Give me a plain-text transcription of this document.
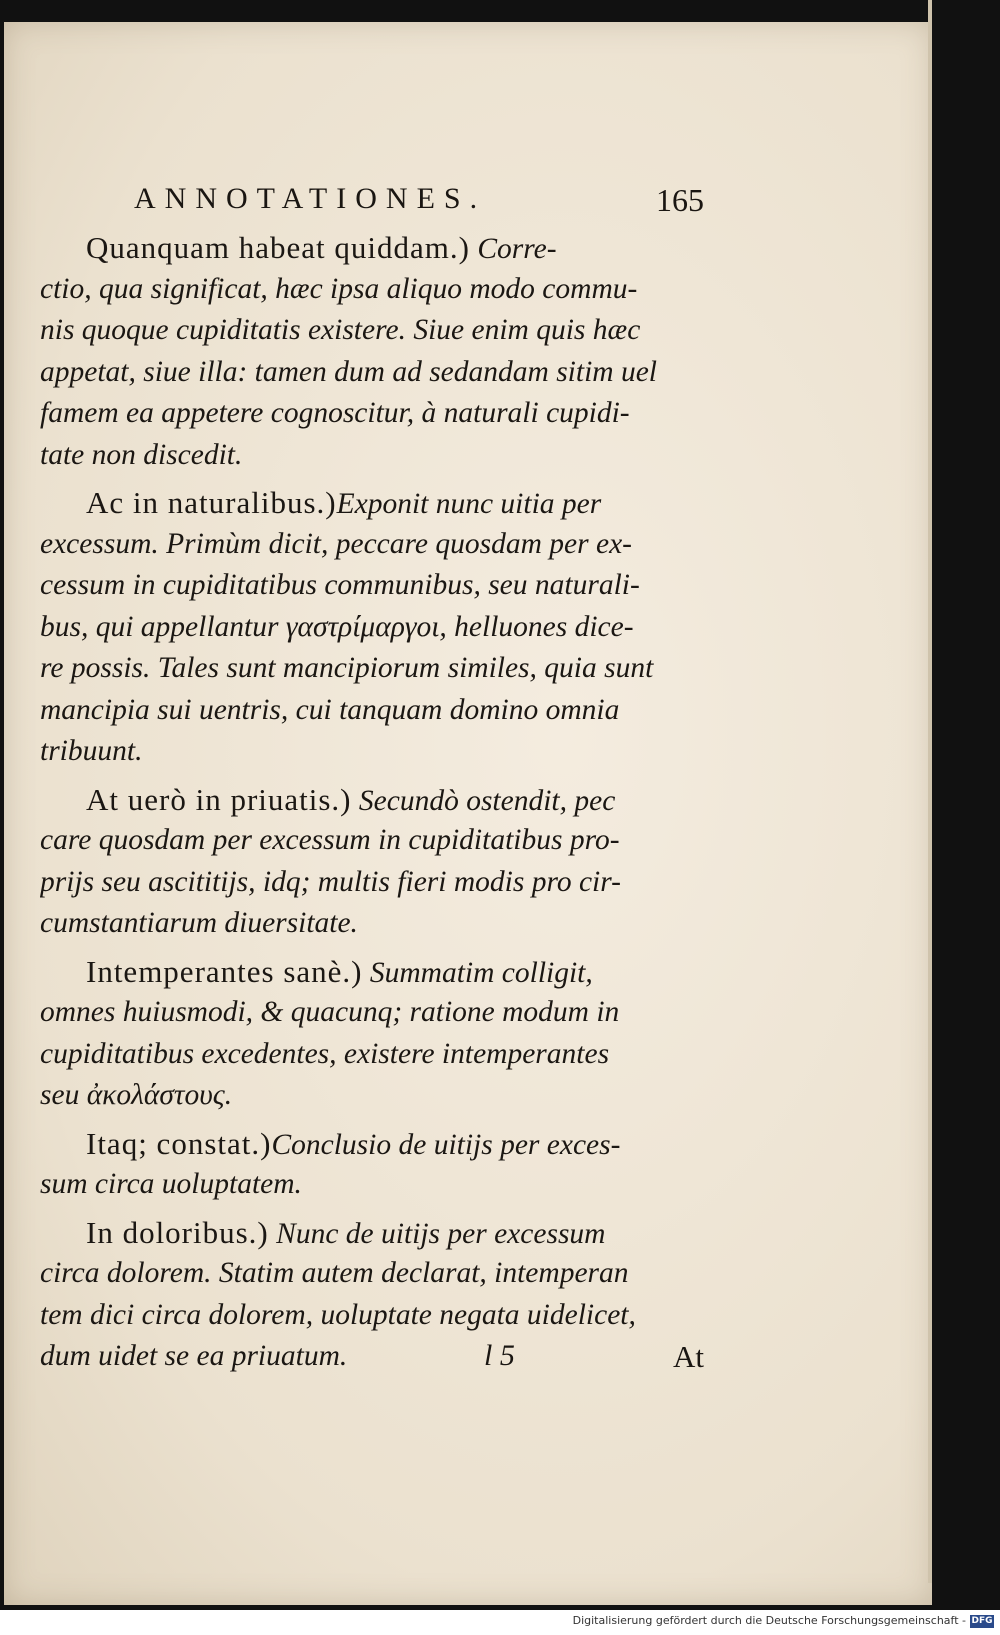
ANNOTATIONES.	165
Quanquam habeat quiddam.) Corre-
ctio, qua significat, hæc ipsa aliquo modo commu-
nis quoque cupiditatis existere. Siue enim quis hæc
appetat, siue illa: tamen dum ad sedandam sitim uel
famem ea appetere cognoscitur, à naturali cupidi-
tate non discedit.
Ac in naturalibus.)Exponit nunc uitia per
excessum. Primùm dicit, peccare quosdam per ex-
cessum in cupiditatibus communibus, seu naturali-
bus, qui appellantur γαστρίμαργοι, helluones dice-
re possis. Tales sunt mancipiorum similes, quia sunt
mancipia sui uentris, cui tanquam domino omnia
tribuunt.
At uerò in priuatis.) Secundò ostendit, pec
care quosdam per excessum in cupiditatibus pro-
prijs seu ascititijs, idq; multis fieri modis pro cir-
cumstantiarum diuersitate.
Intemperantes sanè.) Summatim colligit,
omnes huiusmodi, & quacunq; ratione modum in
cupiditatibus excedentes, existere intemperantes
seu ἀκολάστους.
Itaq; constat.)Conclusio de uitijs per exces-
sum circa uoluptatem.
In doloribus.) Nunc de uitijs per excessum
circa dolorem. Statim autem declarat, intemperan
tem dici circa dolorem, uoluptate negata uidelicet,
dum uidet se ea priuatum.	l 5	At
Digitalisierung gefördert durch die Deutsche Forschungsgemeinschaft - DFG
